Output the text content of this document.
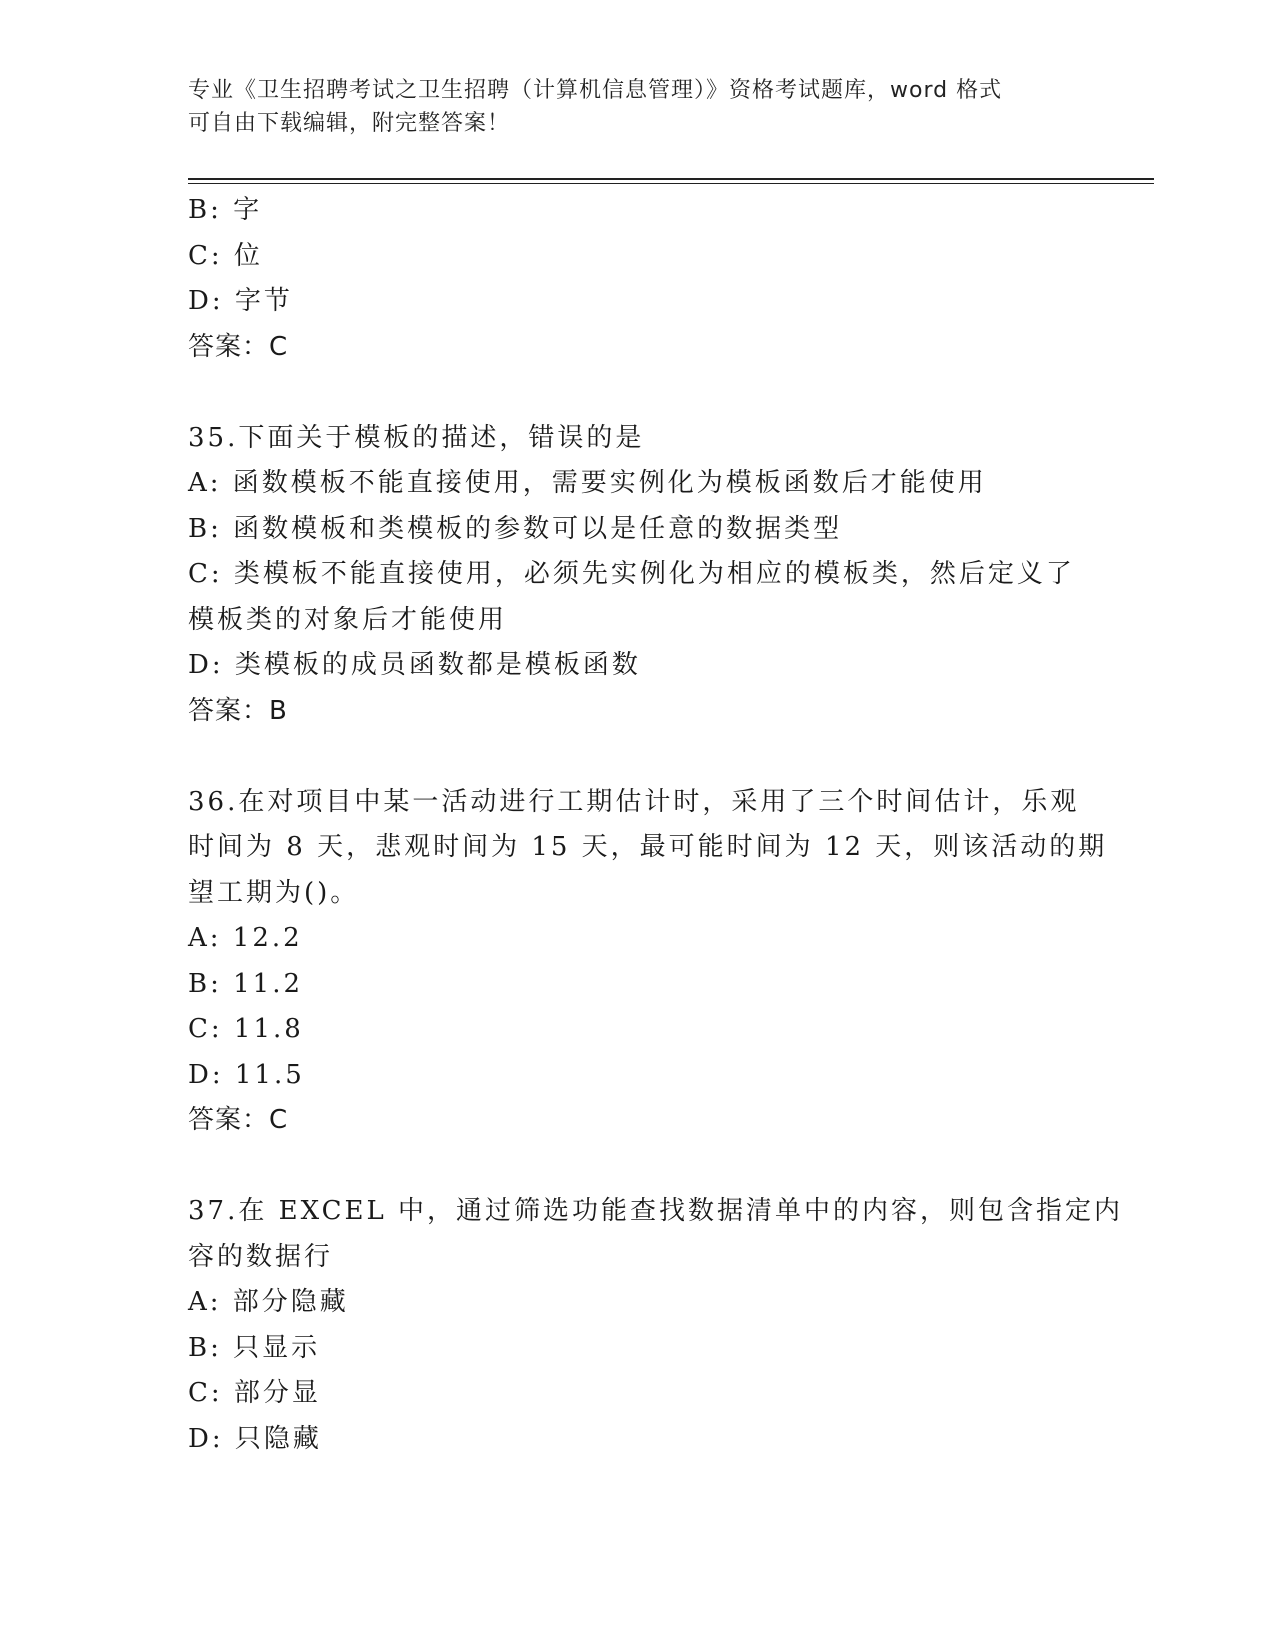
专业《卫生招聘考试之卫生招聘（计算机信息管理）》资格考试题库，word 格式
可自由下载编辑，附完整答案！
B: 字
C: 位
D: 字节
答案：C
35.下面关于模板的描述，错误的是
A: 函数模板不能直接使用，需要实例化为模板函数后才能使用
B: 函数模板和类模板的参数可以是任意的数据类型
C: 类模板不能直接使用，必须先实例化为相应的模板类，然后定义了
模板类的对象后才能使用
D: 类模板的成员函数都是模板函数
答案：B
36.在对项目中某一活动进行工期估计时，采用了三个时间估计，乐观
时间为 8 天，悲观时间为 15 天，最可能时间为 12 天，则该活动的期
望工期为()。
A: 12.2
B: 11.2
C: 11.8
D: 11.5
答案：C
37.在 EXCEL 中，通过筛选功能查找数据清单中的内容，则包含指定内
容的数据行
A: 部分隐藏
B: 只显示
C: 部分显
D: 只隐藏
